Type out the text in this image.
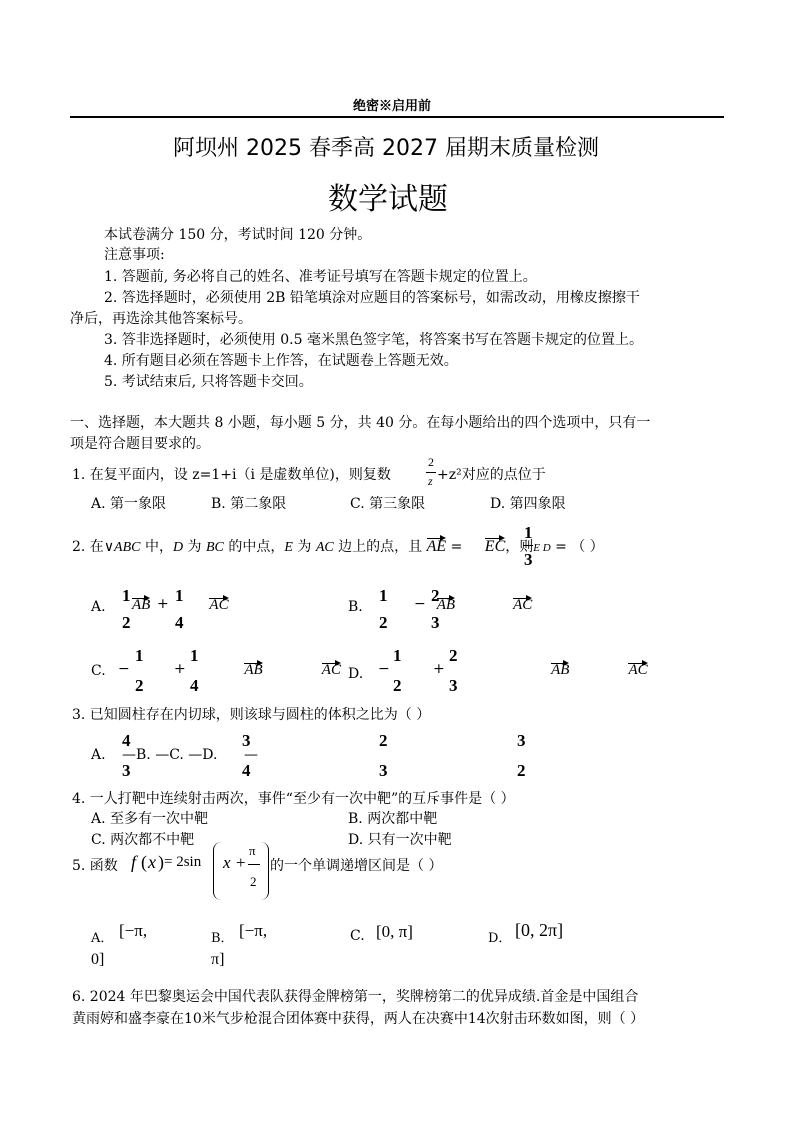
绝密※启用前
阿坝州 2025 春季高 2027 届期末质量检测
数学试题
本试卷满分 150 分，考试时间 120 分钟。
注意事项:
1. 答题前, 务必将自己的姓名、准考证号填写在答题卡规定的位置上。
2. 答选择题时，必须使用 2B 铅笔填涂对应题目的答案标号，如需改动，用橡皮擦擦干
净后，再选涂其他答案标号。
3. 答非选择题时，必须使用 0.5 毫米黑色签字笔，将答案书写在答题卡规定的位置上。
4. 所有题目必须在答题卡上作答，在试题卷上答题无效。
5. 考试结束后, 只将答题卡交回。
一、选择题，本大题共 8 小题，每小题 5 分，共 40 分。在每小题给出的四个选项中，只有一
项是符合题目要求的。
1. 在复平面内，设 z=1+i（i 是虚数单位)，则复数
2
z +z²对应的点位于
A. 第一象限	B. 第二象限	C. 第三象限	D. 第四象限
2. 在∨ABC 中，D 为 BC 的中点，E 为 AC 边上的点，且 AE = EC，则E D = （ ）
1
3
A.
1 AB + 1 AC
2	4
B.
1	AB
− 2	AC
2	3
C. −
1
AB
+
1
AC
2	4
D. −
1
AB
+
2
AC
2	3
3. 已知圆柱存在内切球，则该球与圆柱的体积之比为（ ）
4
A. —B. —C. —D.
3
3
—
4
2
3
3
2
4. 一人打靶中连续射击两次，事件“至少有一次中靶”的互斥事件是（ ）
A. 至多有一次中靶	B. 两次都中靶
C. 两次都不中靶	D. 只有一次中靶
5. 函数 f ( x ) = 2sin x +
π
2
的一个单调递增区间是（ ）
A． [−π,
0]
B． [−π,
π]
C. [0, π]	D． [0, 2π]
6. 2024 年巴黎奥运会中国代表队获得金牌榜第一，奖牌榜第二的优异成绩.首金是中国组合
黄雨婷和盛李豪在10米气步枪混合团体赛中获得，两人在决赛中14次射击环数如图，则（ ）
